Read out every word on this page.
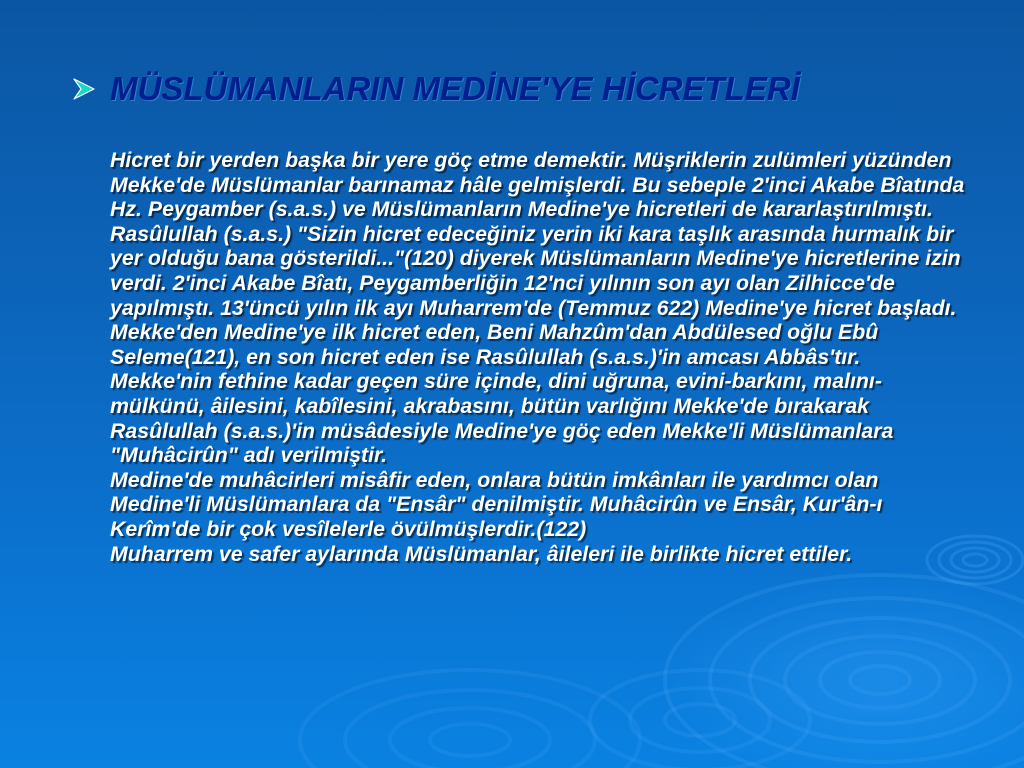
MÜSLÜMANLARIN MEDİNE'YE HİCRETLERİ

Hicret bir yerden başka bir yere göç etme demektir. Müşriklerin zulümleri yüzünden Mekke'de Müslümanlar barınamaz hâle gelmişlerdi. Bu sebeple 2'inci Akabe Bîatında Hz. Peygamber (s.a.s.) ve Müslümanların Medine'ye hicretleri de kararlaştırılmıştı. Rasûlullah (s.a.s.) "Sizin hicret edeceğiniz yerin iki kara taşlık arasında hurmalık bir yer olduğu bana gösterildi..."(120) diyerek Müslümanların Medine'ye hicretlerine izin verdi. 2'inci Akabe Bîatı, Peygamberliğin 12'nci yılının son ayı olan Zilhicce'de yapılmıştı. 13'üncü yılın ilk ayı Muharrem'de (Temmuz 622) Medine'ye hicret başladı. Mekke'den Medine'ye ilk hicret eden, Beni Mahzûm'dan Abdülesed oğlu Ebû Seleme(121), en son hicret eden ise Rasûlullah (s.a.s.)'in amcası Abbâs'tır.

Mekke'nin fethine kadar geçen süre içinde, dini uğruna, evini-barkını, malını-mülkünü, âilesini, kabîlesini, akrabasını, bütün varlığını Mekke'de bırakarak Rasûlullah (s.a.s.)'in müsâdesiyle Medine'ye göç eden Mekke'li Müslümanlara "Muhâcirûn" adı verilmiştir.

Medine'de muhâcirleri misâfir eden, onlara bütün imkânları ile yardımcı olan Medine'li Müslümanlara da "Ensâr" denilmiştir. Muhâcirûn ve Ensâr, Kur'ân-ı Kerîm'de bir çok vesîlelerle övülmüşlerdir.(122)

Muharrem ve safer aylarında Müslümanlar, âileleri ile birlikte hicret ettiler.
